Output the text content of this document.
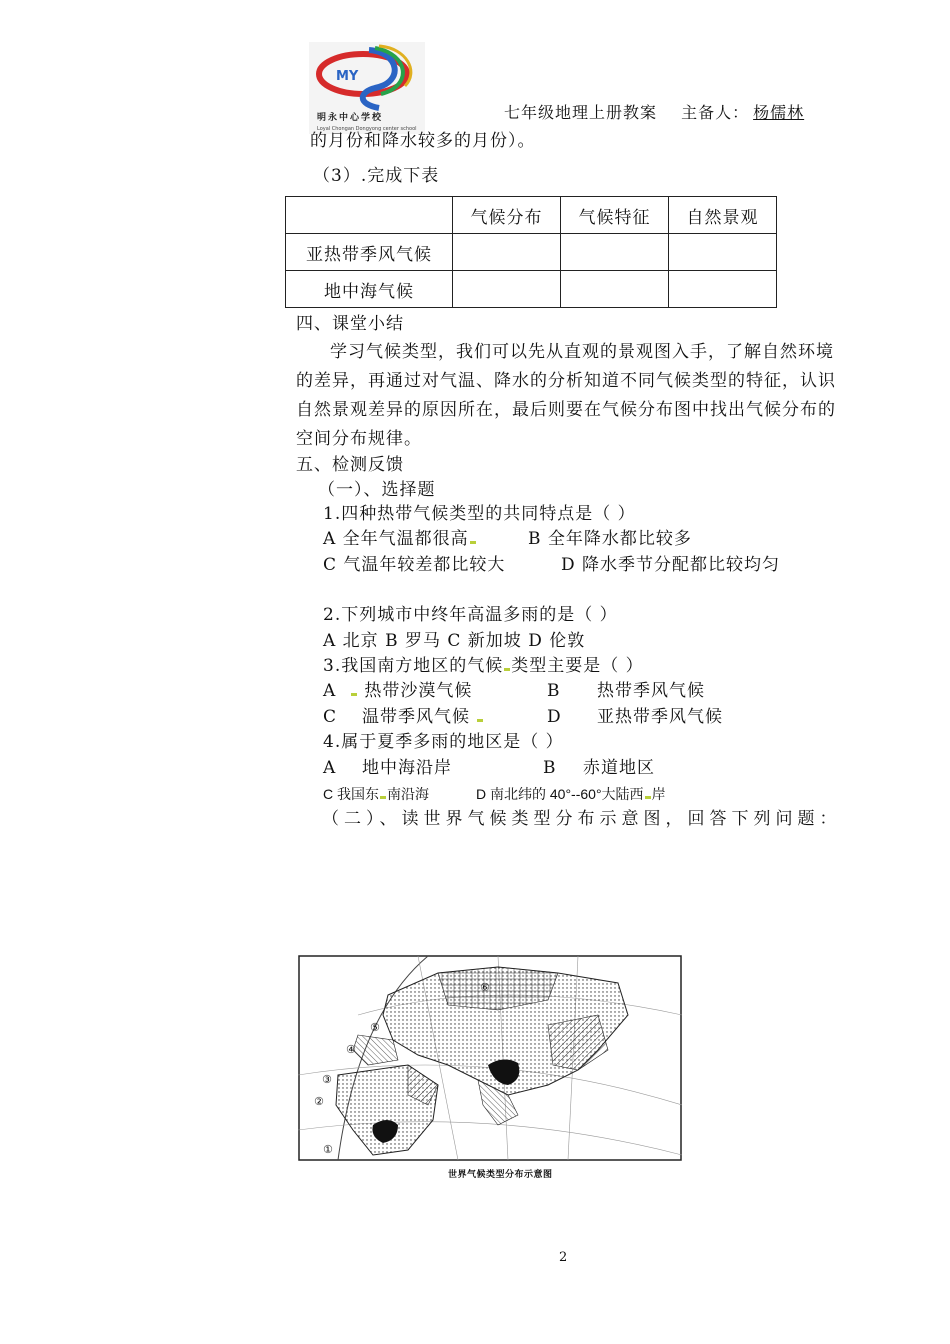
MY
明永中心学校
Loyal Chongan Dongyong center school
七年级地理上册教案 主备人： 杨儒林
的月份和降水较多的月份）。
（3）.完成下表
	气候分布	气候特征	自然景观
亚热带季风气候			
地中海气候			
四、课堂小结
学习气候类型，我们可以先从直观的景观图入手，了解自然环境的差异，再通过对气温、降水的分析知道不同气候类型的特征，认识自然景观差异的原因所在，最后则要在气候分布图中找出气候分布的空间分布规律。
五、检测反馈
（一）、选择题
1.四种热带气候类型的共同特点是（ ）
A 全年气温都很高	B 全年降水都比较多
C 气温年较差都比较大	D 降水季节分配都比较均匀
2.下列城市中终年高温多雨的是（ ）
A 北京 B 罗马 C 新加坡 D 伦敦
3.我国南方地区的气候 类型主要是（ ）
A	热带沙漠气候	B 热带季风气候
C 温带季风气候	D 亚热带季风气候
4.属于夏季多雨的地区是（ ）
A 地中海沿岸	B 赤道地区
C 我国东 南沿海	D 南北纬的 40°--60°大陆西 岸
（二）、读世界气候类型分布示意图，回答下列问题：
①
②
③
④
⑤
⑥
世界气候类型分布示意图
2
